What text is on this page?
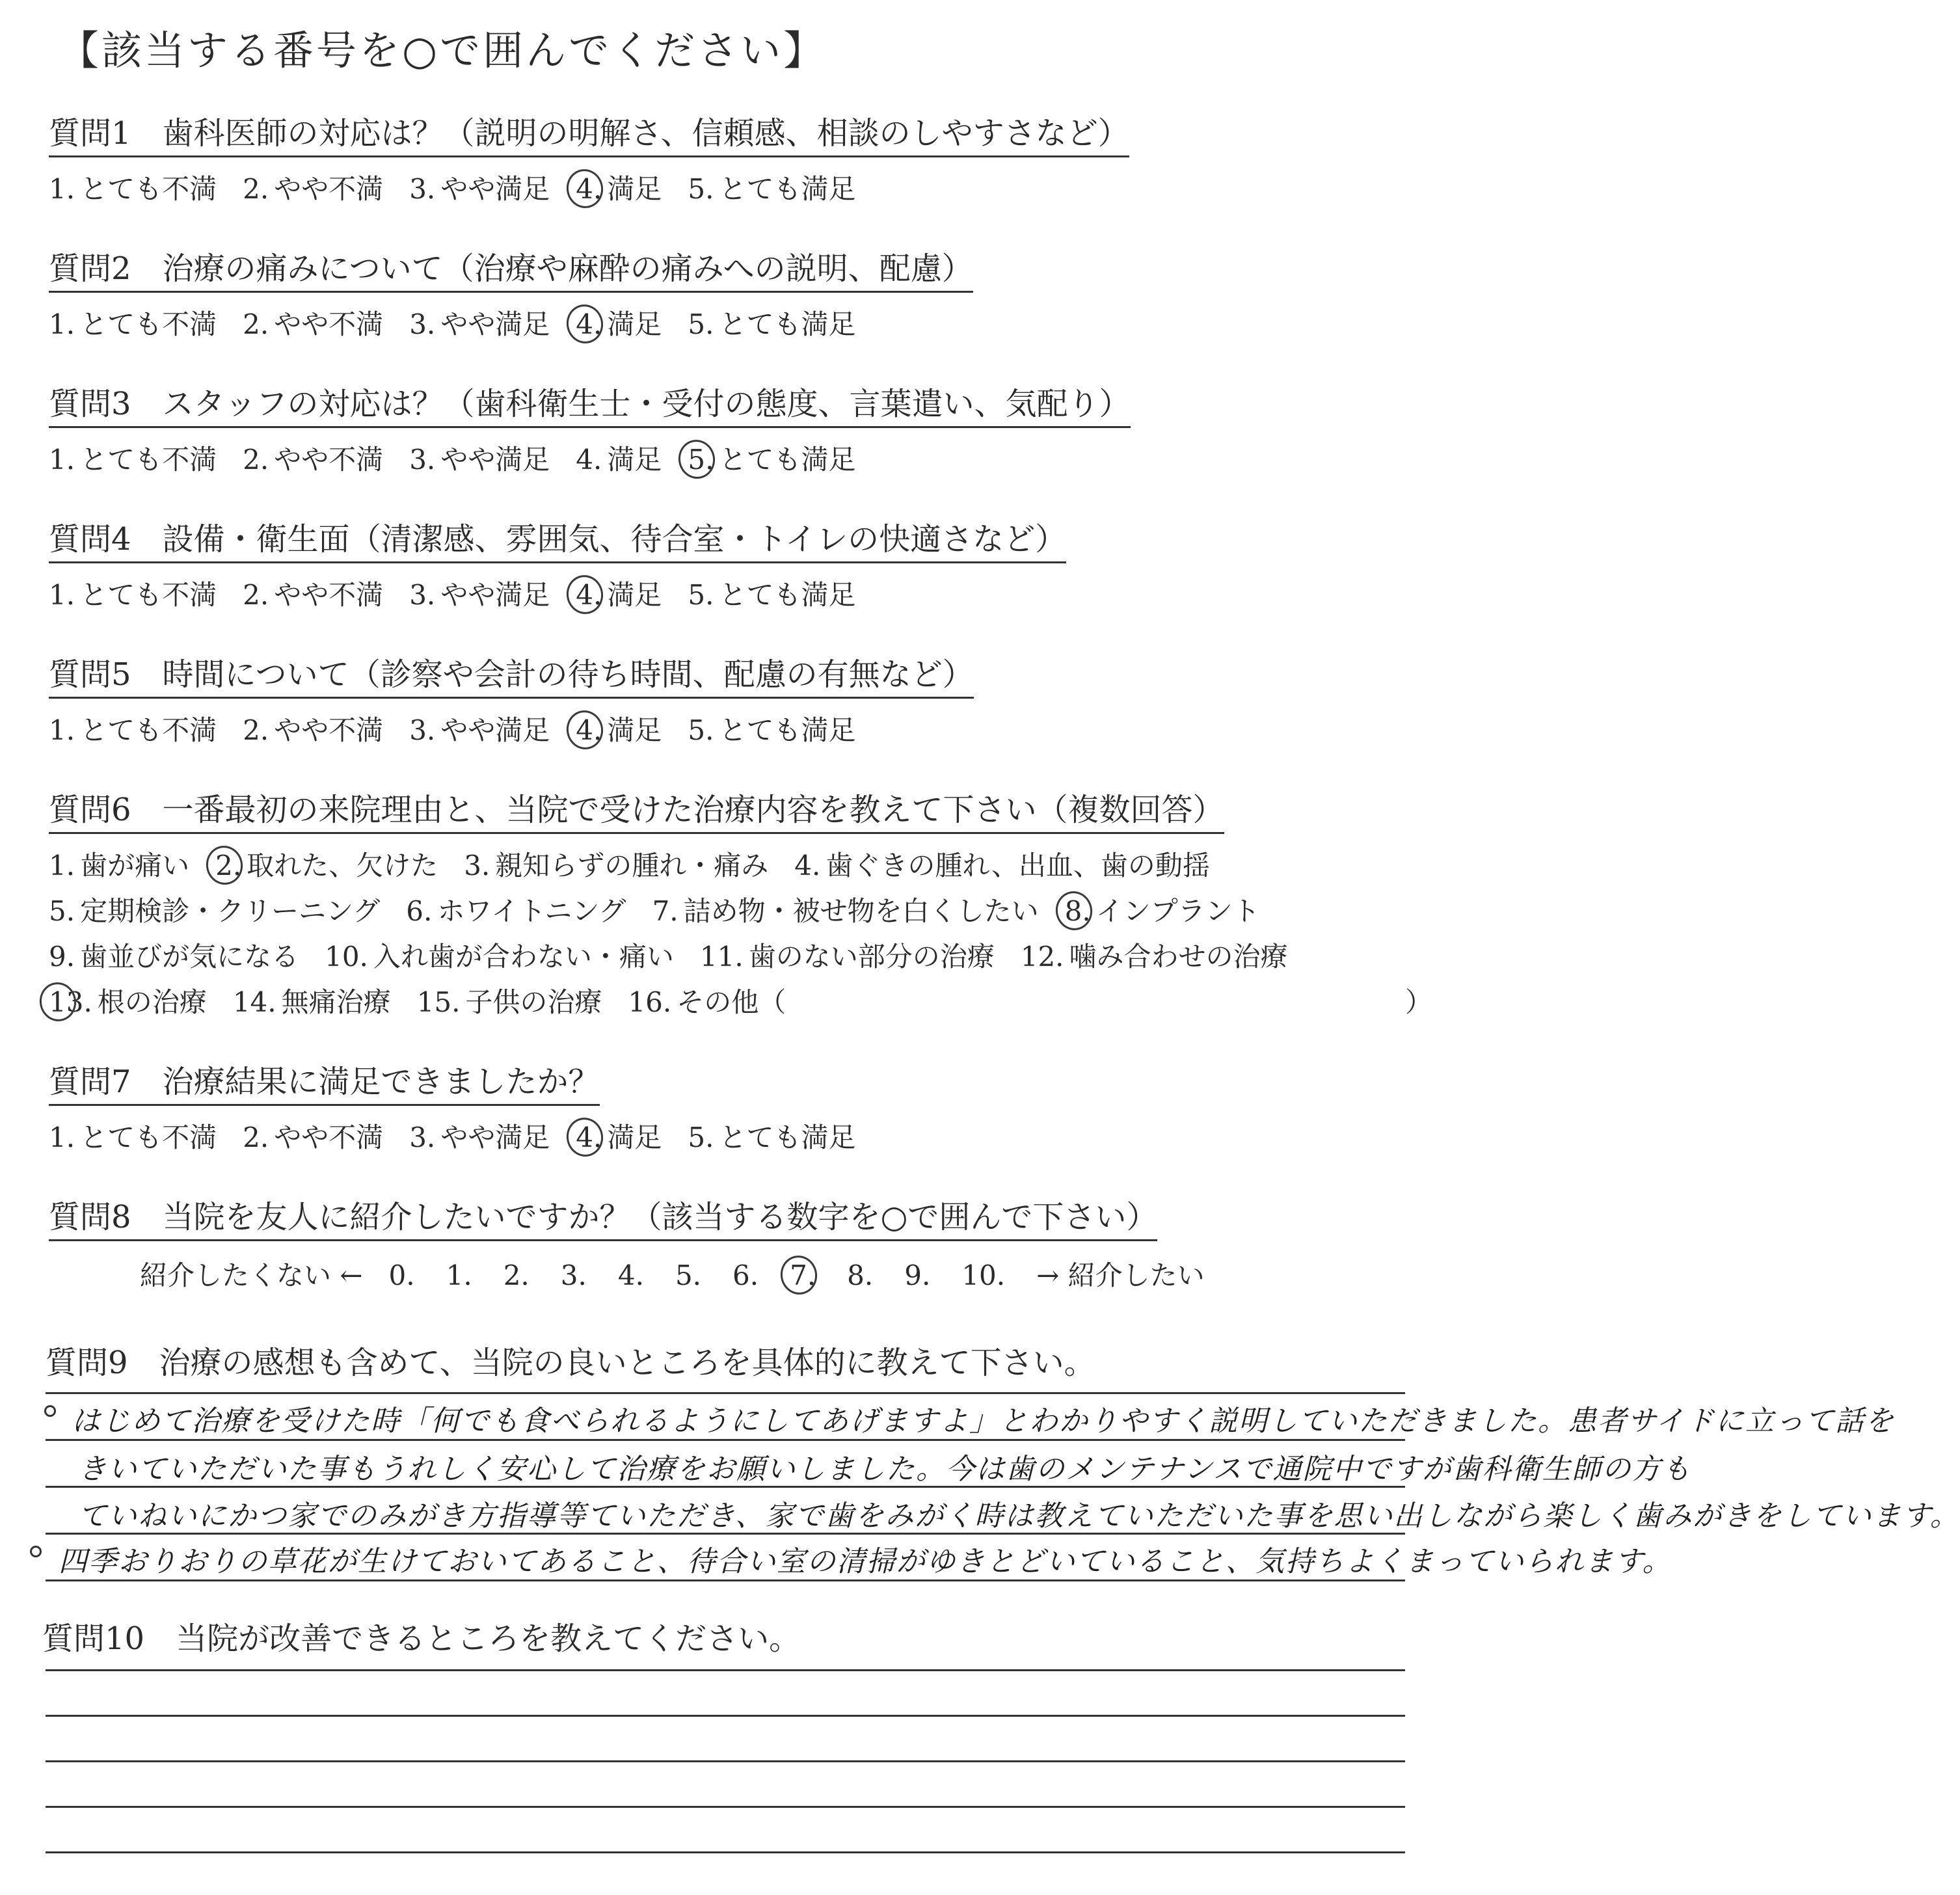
【該当する番号を○で囲んでください】
質問1　歯科医師の対応は？（説明の明解さ、信頼感、相談のしやすさなど）
1. とても不満 2. やや不満 3. やや満足 4. 満足 5. とても満足
質問2　治療の痛みについて（治療や麻酔の痛みへの説明、配慮）
1. とても不満 2. やや不満 3. やや満足 4. 満足 5. とても満足
質問3　スタッフの対応は？（歯科衛生士・受付の態度、言葉遣い、気配り）
1. とても不満 2. やや不満 3. やや満足 4. 満足 5. とても満足
質問4　設備・衛生面（清潔感、雰囲気、待合室・トイレの快適さなど）
1. とても不満 2. やや不満 3. やや満足 4. 満足 5. とても満足
質問5　時間について（診察や会計の待ち時間、配慮の有無など）
1. とても不満 2. やや不満 3. やや満足 4. 満足 5. とても満足
質問6　一番最初の来院理由と、当院で受けた治療内容を教えて下さい（複数回答）
1. 歯が痛い 2. 取れた、欠けた 3. 親知らずの腫れ・痛み 4. 歯ぐきの腫れ、出血、歯の動揺
5. 定期検診・クリーニング 6. ホワイトニング 7. 詰め物・被せ物を白くしたい 8. インプラント
9. 歯並びが気になる 10. 入れ歯が合わない・痛い 11. 歯のない部分の治療 12. 噛み合わせの治療
13. 根の治療 14. 無痛治療 15. 子供の治療 16. その他（	）
質問7　治療結果に満足できましたか？
1. とても不満 2. やや不満 3. やや満足 4. 満足 5. とても満足
質問8　当院を友人に紹介したいですか？（該当する数字を○で囲んで下さい）
紹介したくない ← 0. 1. 2. 3. 4. 5. 6. 7. 8. 9. 10. → 紹介したい
質問9　治療の感想も含めて、当院の良いところを具体的に教えて下さい。
はじめて治療を受けた時「何でも食べられるようにしてあげますよ」とわかりやすく説明していただきました。患者サイドに立って話を
きいていただいた事もうれしく安心して治療をお願いしました。今は歯のメンテナンスで通院中ですが歯科衛生師の方も
ていねいにかつ家でのみがき方指導等ていただき、家で歯をみがく時は教えていただいた事を思い出しながら楽しく歯みがきをしています。
四季おりおりの草花が生けておいてあること、待合い室の清掃がゆきとどいていること、気持ちよくまっていられます。
質問10　当院が改善できるところを教えてください。
